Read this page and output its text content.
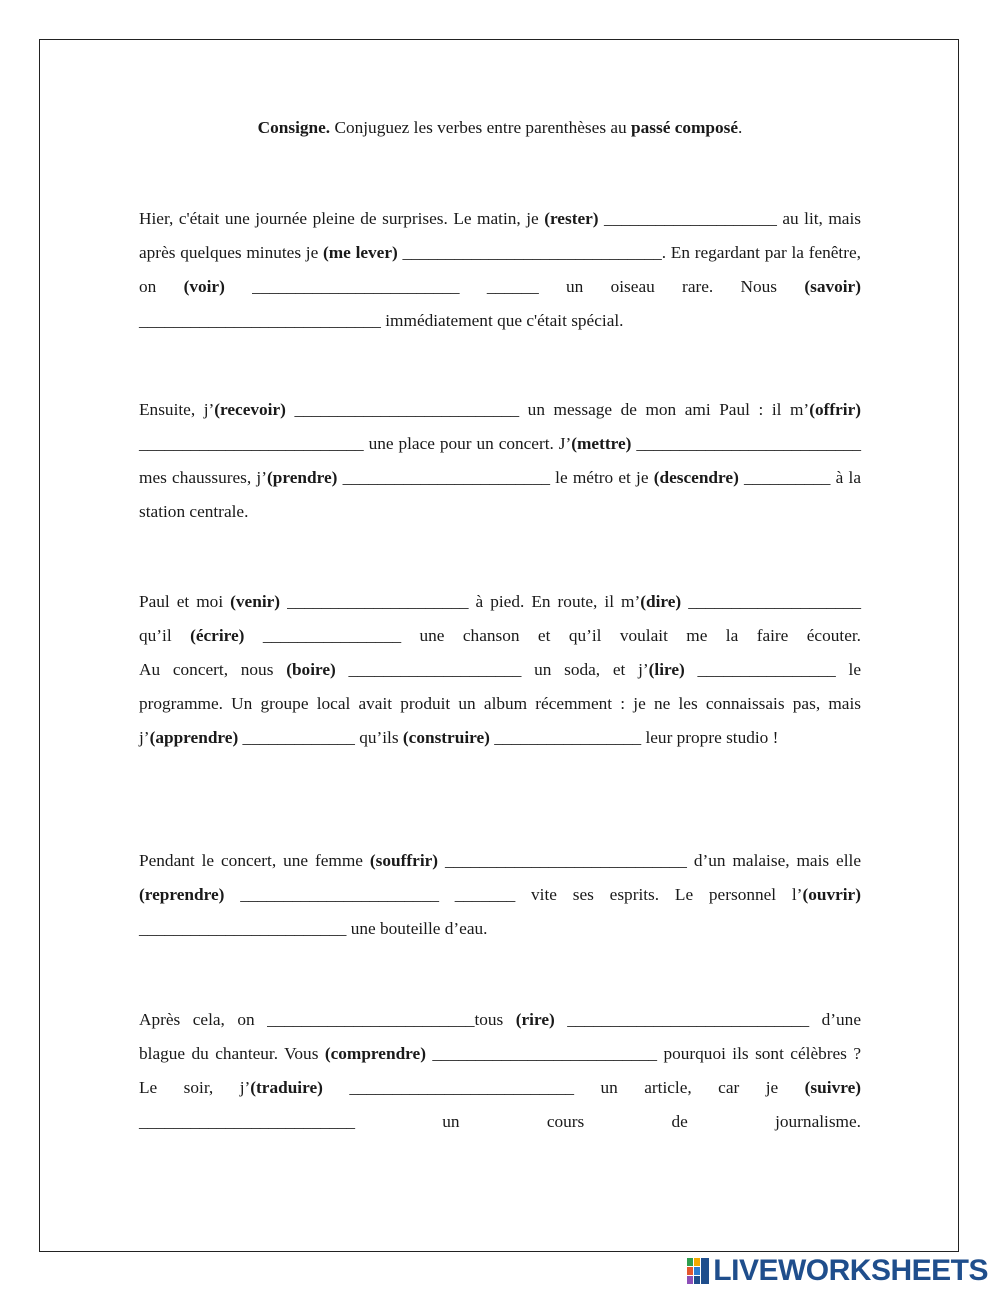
Consigne. Conjuguez les verbes entre parenthèses au passé composé.
Hier, c'était une journée pleine de surprises. Le matin, je (rester) ____________________ au lit, mais après quelques minutes je (me lever) ______________________________. En regardant par la fenêtre, on (voir) ________________________ ______ un oiseau rare. Nous (savoir) ____________________________ immédiatement que c'était spécial.
Ensuite, j’(recevoir) __________________________ un message de mon ami Paul : il m’(offrir) __________________________ une place pour un concert. J’(mettre) __________________________ mes chaussures, j’(prendre) ________________________ le métro et je (descendre) __________ à la station centrale.
Paul et moi (venir) _____________________ à pied. En route, il m’(dire) ____________________ qu’il (écrire) ________________ une chanson et qu’il voulait me la faire écouter.
Au concert, nous (boire) ____________________ un soda, et j’(lire) ________________ le programme. Un groupe local avait produit un album récemment : je ne les connaissais pas, mais j’(apprendre) _____________ qu’ils (construire) _________________ leur propre studio !
Pendant le concert, une femme (souffrir) ____________________________ d’un malaise, mais elle (reprendre) _______________________ _______ vite ses esprits. Le personnel l’(ouvrir) ________________________ une bouteille d’eau.
Après cela, on ________________________tous (rire) ____________________________ d’une blague du chanteur. Vous (comprendre) __________________________ pourquoi ils sont célèbres ?
Le soir, j’(traduire) __________________________ un article, car je (suivre) _________________________ un cours de journalisme.
LIVEWORKSHEETS
